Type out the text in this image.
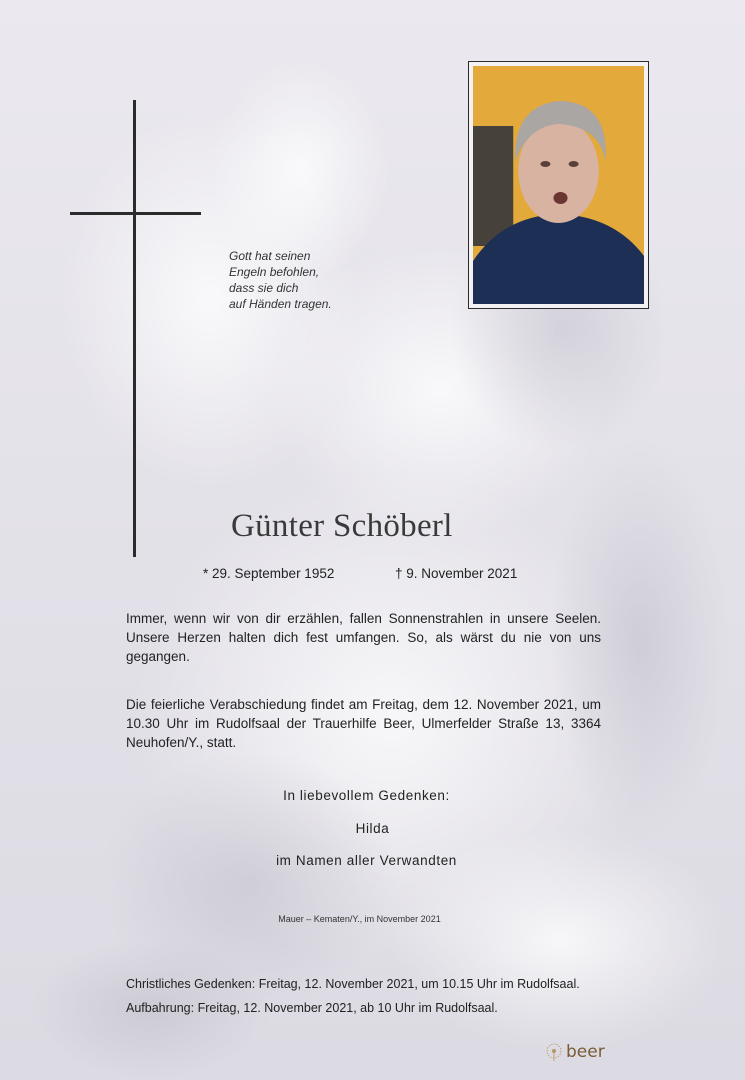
Gott hat seinen
Engeln befohlen,
dass sie dich
auf Händen tragen.
Günter Schöberl
* 29. September 1952	† 9. November 2021
Immer, wenn wir von dir erzählen, fallen Sonnenstrahlen in unsere Seelen. Unsere Herzen halten dich fest umfangen. So, als wärst du nie von uns gegangen.
Die feierliche Verabschiedung findet am Freitag, dem 12. November 2021, um 10.30 Uhr im Rudolfsaal der Trauerhilfe Beer, Ulmerfelder Straße 13, 3364 Neuhofen/Y., statt.
In liebevollem Gedenken:
Hilda
im Namen aller Verwandten
Mauer – Kematen/Y., im November 2021
Christliches Gedenken: Freitag, 12. November 2021, um 10.15 Uhr im Rudolfsaal.
Aufbahrung: Freitag, 12. November 2021, ab 10 Uhr im Rudolfsaal.
beer
